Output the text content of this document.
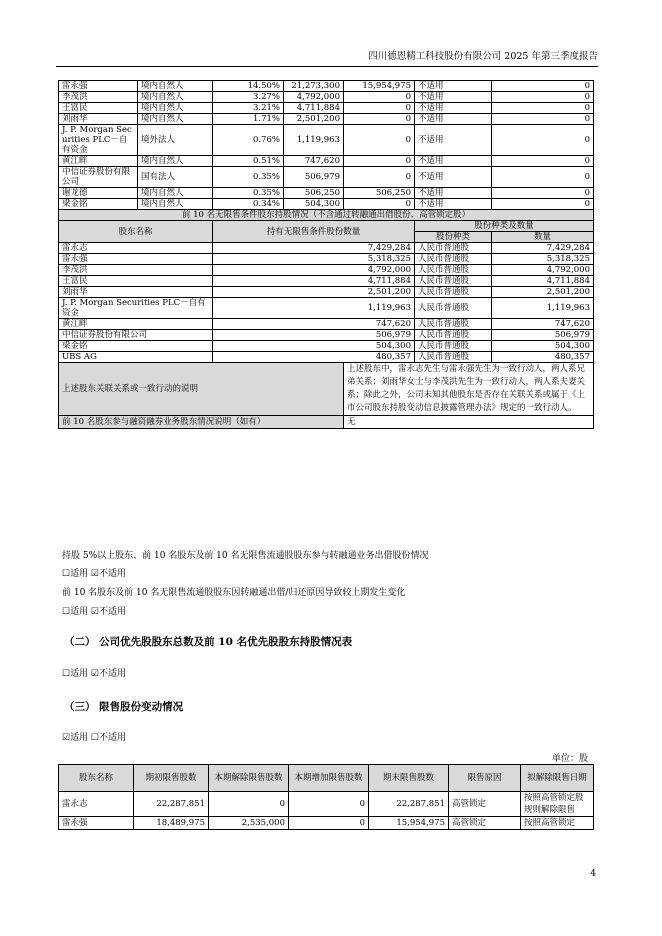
四川德恩精工科技股份有限公司 2025 年第三季度报告
雷永强	境内自然人	14.50%	21,273,300	15,954,975	不适用	0
李茂洪	境内自然人	3.27%	4,792,000	0	不适用	0
王富民	境内自然人	3.21%	4,711,884	0	不适用	0
刘雨华	境内自然人	1.71%	2,501,200	0	不适用	0
J. P. Morgan Securities PLC－自有资金	境外法人	0.76%	1,119,963	0	不适用	0
黄江畔	境内自然人	0.51%	747,620	0	不适用	0
中信证券股份有限公司	国有法人	0.35%	506,979	0	不适用	0
谢龙德	境内自然人	0.35%	506,250	506,250	不适用	0
梁金铭	境内自然人	0.34%	504,300	0	不适用	0
前 10 名无限售条件股东持股情况（不含通过转融通出借股份、高管锁定股）						
股东名称		持有无限售条件股份数量			股份种类及数量	
					股份种类	数量
雷永志		7,429,284			人民币普通股	7,429,284
雷永强		5,318,325			人民币普通股	5,318,325
李茂洪		4,792,000			人民币普通股	4,792,000
王富民		4,711,884			人民币普通股	4,711,884
刘雨华		2,501,200			人民币普通股	2,501,200
J. P. Morgan Securities PLC－自有资金		1,119,963			人民币普通股	1,119,963
黄江畔		747,620			人民币普通股	747,620
中信证券股份有限公司		506,979			人民币普通股	506,979
梁金铭		504,300			人民币普通股	504,300
UBS AG		480,357			人民币普通股	480,357
上述股东关联关系或一致行动的说明				上述股东中，雷永志先生与雷永强先生为一致行动人，两人系兄弟关系；刘雨华女士与李茂洪先生为一致行动人，两人系夫妻关系；除此之外，公司未知其他股东是否存在关联关系或属于《上市公司股东持股变动信息披露管理办法》规定的一致行动人。		
前 10 名股东参与融资融券业务股东情况说明（如有）				无		
持股 5%以上股东、前 10 名股东及前 10 名无限售流通股股东参与转融通业务出借股份情况
☐适用 ☑不适用
前 10 名股东及前 10 名无限售流通股股东因转融通出借/归还原因导致较上期发生变化
☐适用 ☑不适用
（二） 公司优先股股东总数及前 10 名优先股股东持股情况表
☐适用 ☑不适用
（三） 限售股份变动情况
☑适用 ☐不适用
单位：股
股东名称	期初限售股数	本期解除限售股数	本期增加限售股数	期末限售股数	限售原因	拟解除限售日期
雷永志	22,287,851	0	0	22,287,851	高管锁定	按照高管锁定股规则解除限售
雷永强	18,489,975	2,535,000	0	15,954,975	高管锁定	按照高管锁定
4
